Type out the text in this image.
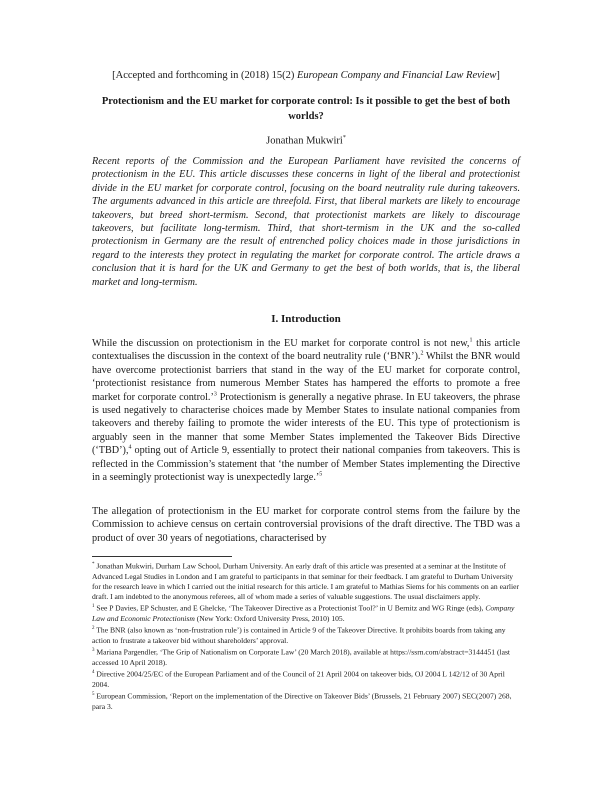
[Accepted and forthcoming in (2018) 15(2) European Company and Financial Law Review]
Protectionism and the EU market for corporate control: Is it possible to get the best of both worlds?
Jonathan Mukwiri*
Recent reports of the Commission and the European Parliament have revisited the concerns of protectionism in the EU. This article discusses these concerns in light of the liberal and protectionist divide in the EU market for corporate control, focusing on the board neutrality rule during takeovers. The arguments advanced in this article are threefold. First, that liberal markets are likely to encourage takeovers, but breed short-termism. Second, that protectionist markets are likely to discourage takeovers, but facilitate long-termism. Third, that short-termism in the UK and the so-called protectionism in Germany are the result of entrenched policy choices made in those jurisdictions in regard to the interests they protect in regulating the market for corporate control. The article draws a conclusion that it is hard for the UK and Germany to get the best of both worlds, that is, the liberal market and long-termism.
I. Introduction
While the discussion on protectionism in the EU market for corporate control is not new,$^1$ this article contextualises the discussion in the context of the board neutrality rule (‘BNR’).$^2$ Whilst the BNR would have overcome protectionist barriers that stand in the way of the EU market for corporate control, ‘protectionist resistance from numerous Member States has hampered the efforts to promote a free market for corporate control.’$^3$ Protectionism is generally a negative phrase. In EU takeovers, the phrase is used negatively to characterise choices made by Member States to insulate national companies from takeovers and thereby failing to promote the wider interests of the EU. This type of protectionism is arguably seen in the manner that some Member States implemented the Takeover Bids Directive (‘TBD’),$^4$ opting out of Article 9, essentially to protect their national companies from takeovers. This is reflected in the Commission’s statement that ‘the number of Member States implementing the Directive in a seemingly protectionist way is unexpectedly large.’$^5$
The allegation of protectionism in the EU market for corporate control stems from the failure by the Commission to achieve census on certain controversial provisions of the draft directive. The TBD was a product of over 30 years of negotiations, characterised by

* Jonathan Mukwiri, Durham Law School, Durham University. An early draft of this article was presented at a seminar at the Institute of Advanced Legal Studies in London and I am grateful to participants in that seminar for their feedback. I am grateful to Durham University for the research leave in which I carried out the initial research for this article. I am grateful to Mathias Siems for his comments on an earlier draft. I am indebted to the anonymous referees, all of whom made a series of valuable suggestions. The usual disclaimers apply.

$^1$ See P Davies, EP Schuster, and E Ghelcke, ‘The Takeover Directive as a Protectionist Tool?’ in U Bernitz and WG Ringe (eds), Company Law and Economic Protectionism (New York: Oxford University Press, 2010) 105.

$^2$ The BNR (also known as ‘non-frustration rule’) is contained in Article 9 of the Takeover Directive. It prohibits boards from taking any action to frustrate a takeover bid without shareholders’ approval.

$^3$ Mariana Pargendler, ‘The Grip of Nationalism on Corporate Law’ (20 March 2018), available at https://ssrn.com/abstract=3144451 (last accessed 10 April 2018).

$^4$ Directive 2004/25/EC of the European Parliament and of the Council of 21 April 2004 on takeover bids, OJ 2004 L 142/12 of 30 April 2004.

$^5$ European Commission, ‘Report on the implementation of the Directive on Takeover Bids’ (Brussels, 21 February 2007) SEC(2007) 268, para 3.
